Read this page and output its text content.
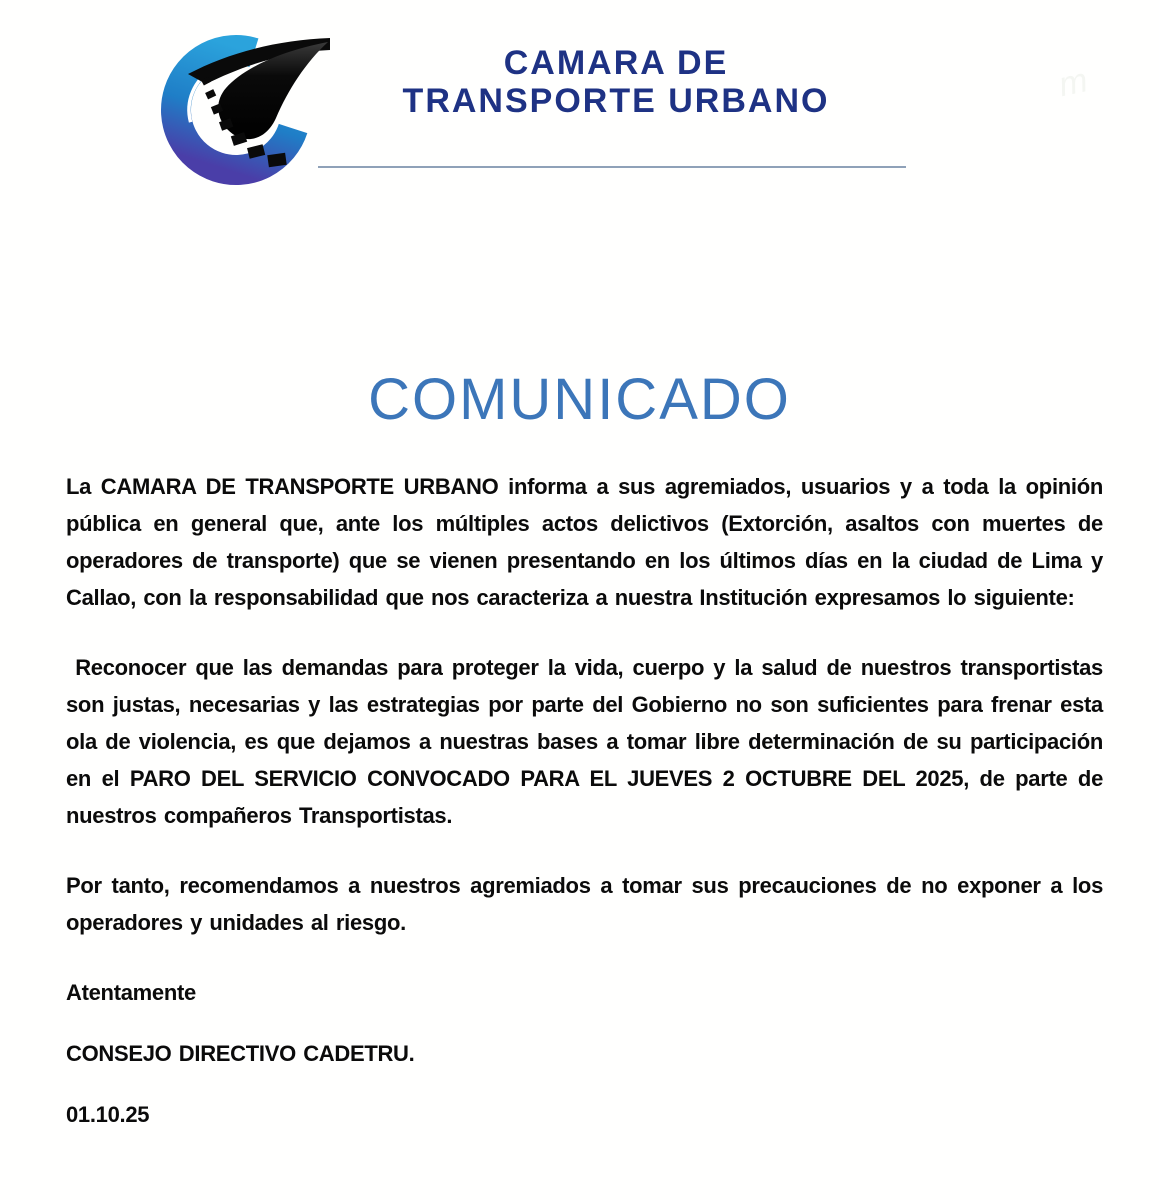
CAMARA DE
TRANSPORTE URBANO	m
COMUNICADO

La CAMARA DE TRANSPORTE URBANO informa a sus agremiados, usuarios y a toda la opinión pública en general que, ante los múltiples actos delictivos (Extorción, asaltos con muertes de operadores de transporte) que se vienen presentando en los últimos días en la ciudad de Lima y Callao, con la responsabilidad que nos caracteriza a nuestra Institución expresamos lo siguiente:

Reconocer que las demandas para proteger la vida, cuerpo y la salud de nuestros transportistas son justas, necesarias y las estrategias por parte del Gobierno no son suficientes para frenar esta ola de violencia, es que dejamos a nuestras bases a tomar libre determinación de su participación en el PARO DEL SERVICIO CONVOCADO PARA EL JUEVES 2 OCTUBRE DEL 2025, de parte de nuestros compañeros Transportistas.

Por tanto, recomendamos a nuestros agremiados a tomar sus precauciones de no exponer a los operadores y unidades al riesgo.

Atentamente

CONSEJO DIRECTIVO CADETRU.

01.10.25
